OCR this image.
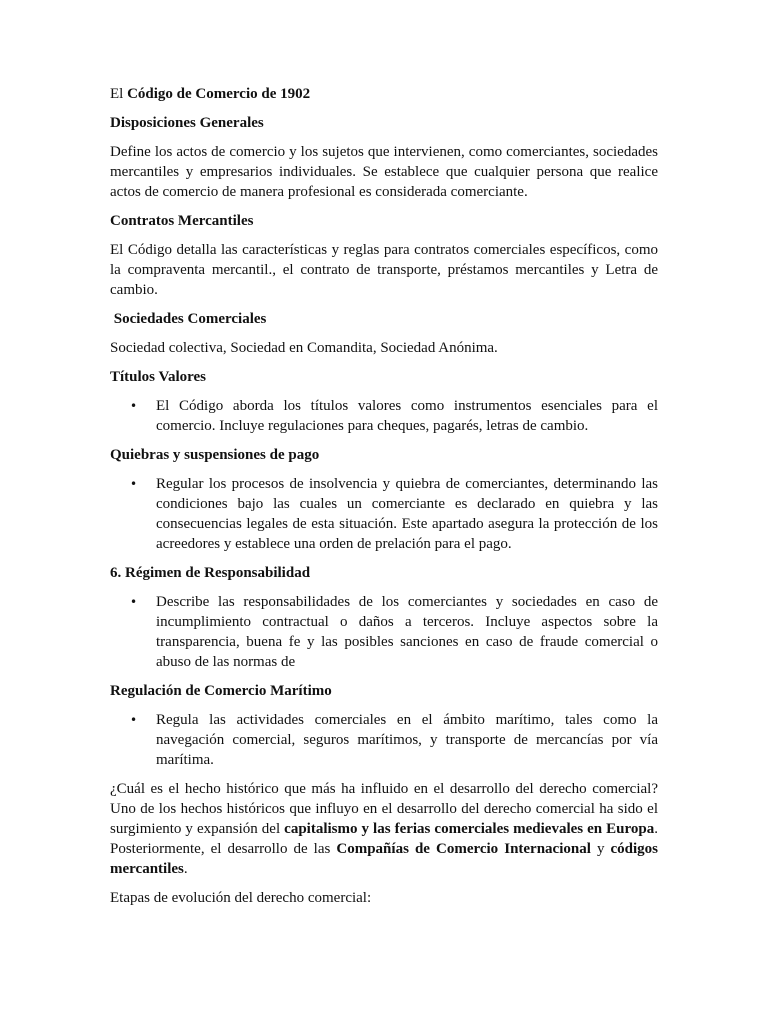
El Código de Comercio de 1902

Disposiciones Generales

Define los actos de comercio y los sujetos que intervienen, como comerciantes, sociedades mercantiles y empresarios individuales. Se establece que cualquier persona que realice actos de comercio de manera profesional es considerada comerciante.

Contratos Mercantiles

El Código detalla las características y reglas para contratos comerciales específicos, como la compraventa mercantil., el contrato de transporte, préstamos mercantiles y Letra de cambio.

Sociedades Comerciales

Sociedad colectiva, Sociedad en Comandita, Sociedad Anónima.

Títulos Valores

• El Código aborda los títulos valores como instrumentos esenciales para el comercio. Incluye regulaciones para cheques, pagarés, letras de cambio.

Quiebras y suspensiones de pago

• Regular los procesos de insolvencia y quiebra de comerciantes, determinando las condiciones bajo las cuales un comerciante es declarado en quiebra y las consecuencias legales de esta situación. Este apartado asegura la protección de los acreedores y establece una orden de prelación para el pago.

6. Régimen de Responsabilidad

• Describe las responsabilidades de los comerciantes y sociedades en caso de incumplimiento contractual o daños a terceros. Incluye aspectos sobre la transparencia, buena fe y las posibles sanciones en caso de fraude comercial o abuso de las normas de

Regulación de Comercio Marítimo

• Regula las actividades comerciales en el ámbito marítimo, tales como la navegación comercial, seguros marítimos, y transporte de mercancías por vía marítima.

¿Cuál es el hecho histórico que más ha influido en el desarrollo del derecho comercial? Uno de los hechos históricos que influyo en el desarrollo del derecho comercial ha sido el surgimiento y expansión del capitalismo y las ferias comerciales medievales en Europa. Posteriormente, el desarrollo de las Compañías de Comercio Internacional y códigos mercantiles.

Etapas de evolución del derecho comercial:
